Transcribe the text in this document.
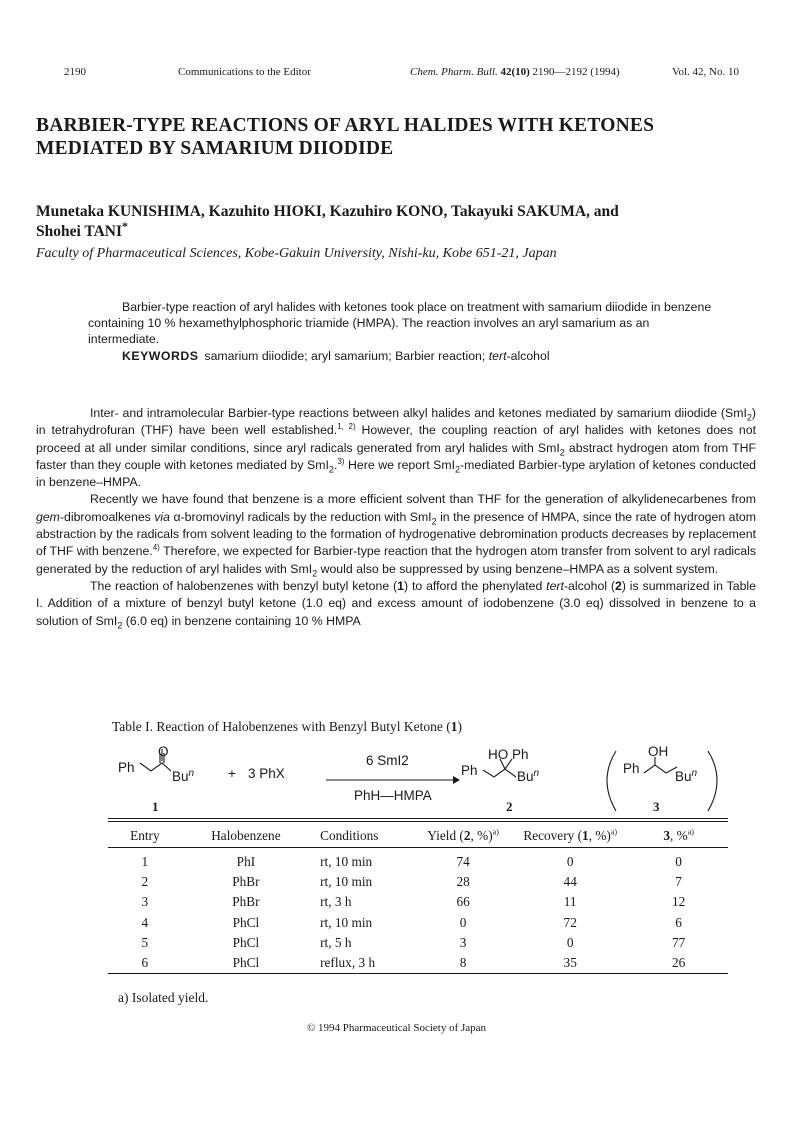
2190	Communications to the Editor	Chem. Pharm. Bull. 42(10) 2190—2192 (1994)	Vol. 42, No. 10
BARBIER-TYPE REACTIONS OF ARYL HALIDES WITH KETONES MEDIATED BY SAMARIUM DIIODIDE
Munetaka KUNISHIMA, Kazuhito HIOKI, Kazuhiro KONO, Takayuki SAKUMA, and
Shohei TANI*
Faculty of Pharmaceutical Sciences, Kobe-Gakuin University, Nishi-ku, Kobe 651-21, Japan
Barbier-type reaction of aryl halides with ketones took place on treatment with samarium diiodide in benzene containing 10 % hexamethylphosphoric triamide (HMPA). The reaction involves an aryl samarium as an intermediate.
KEYWORDS samarium diiodide; aryl samarium; Barbier reaction; tert-alcohol

Inter- and intramolecular Barbier-type reactions between alkyl halides and ketones mediated by samarium diiodide (SmI$_2$) in tetrahydrofuran (THF) have been well established.$^{1, 2)}$ However, the coupling reaction of aryl halides with ketones does not proceed at all under similar conditions, since aryl radicals generated from aryl halides with SmI$_2$ abstract hydrogen atom from THF faster than they couple with ketones mediated by SmI$_2$.$^{3)}$ Here we report SmI$_2$-mediated Barbier-type arylation of ketones conducted in benzene–HMPA.

Recently we have found that benzene is a more efficient solvent than THF for the generation of alkylidenecarbenes from gem-dibromoalkenes via α-bromovinyl radicals by the reduction with SmI$_2$ in the presence of HMPA, since the rate of hydrogen atom abstraction by the radicals from solvent leading to the formation of hydrogenative debromination products decreases by replacement of THF with benzene.$^{4)}$ Therefore, we expected for Barbier-type reaction that the hydrogen atom transfer from solvent to aryl radicals generated by the reduction of aryl halides with SmI$_2$ would also be suppressed by using benzene–HMPA as a solvent system.

The reaction of halobenzenes with benzyl butyl ketone (1) to afford the phenylated tert-alcohol (2) is summarized in Table I. Addition of a mixture of benzyl butyl ketone (1.0 eq) and excess amount of iodobenzene (3.0 eq) dissolved in benzene to a solution of SmI$_2$ (6.0 eq) in benzene containing 10 % HMPA

Table I. Reaction of Halobenzenes with Benzyl Butyl Ketone (1)
O
Ph
$Bu^n$	+ 3 PhX
6 SmI2
PhH—HMPA
HO Ph
Ph	Bu$^n$
OH
Ph
Bu$^n$
1	2	3
Entry	Halobenzene	Conditions	Yield (2, %)$^{a)}$	Recovery (1, %)$^{a)}$	3, %$^{a)}$

1	PhI	rt, 10 min	74	0	0
2	PhBr	rt, 10 min	28	44	7
3	PhBr	rt, 3 h	66	11	12
4	PhCl	rt, 10 min	0	72	6
5	PhCl	rt, 5 h	3	0	77
6	PhCl	reflux, 3 h	8	35	26
a) Isolated yield.
© 1994 Pharmaceutical Society of Japan
